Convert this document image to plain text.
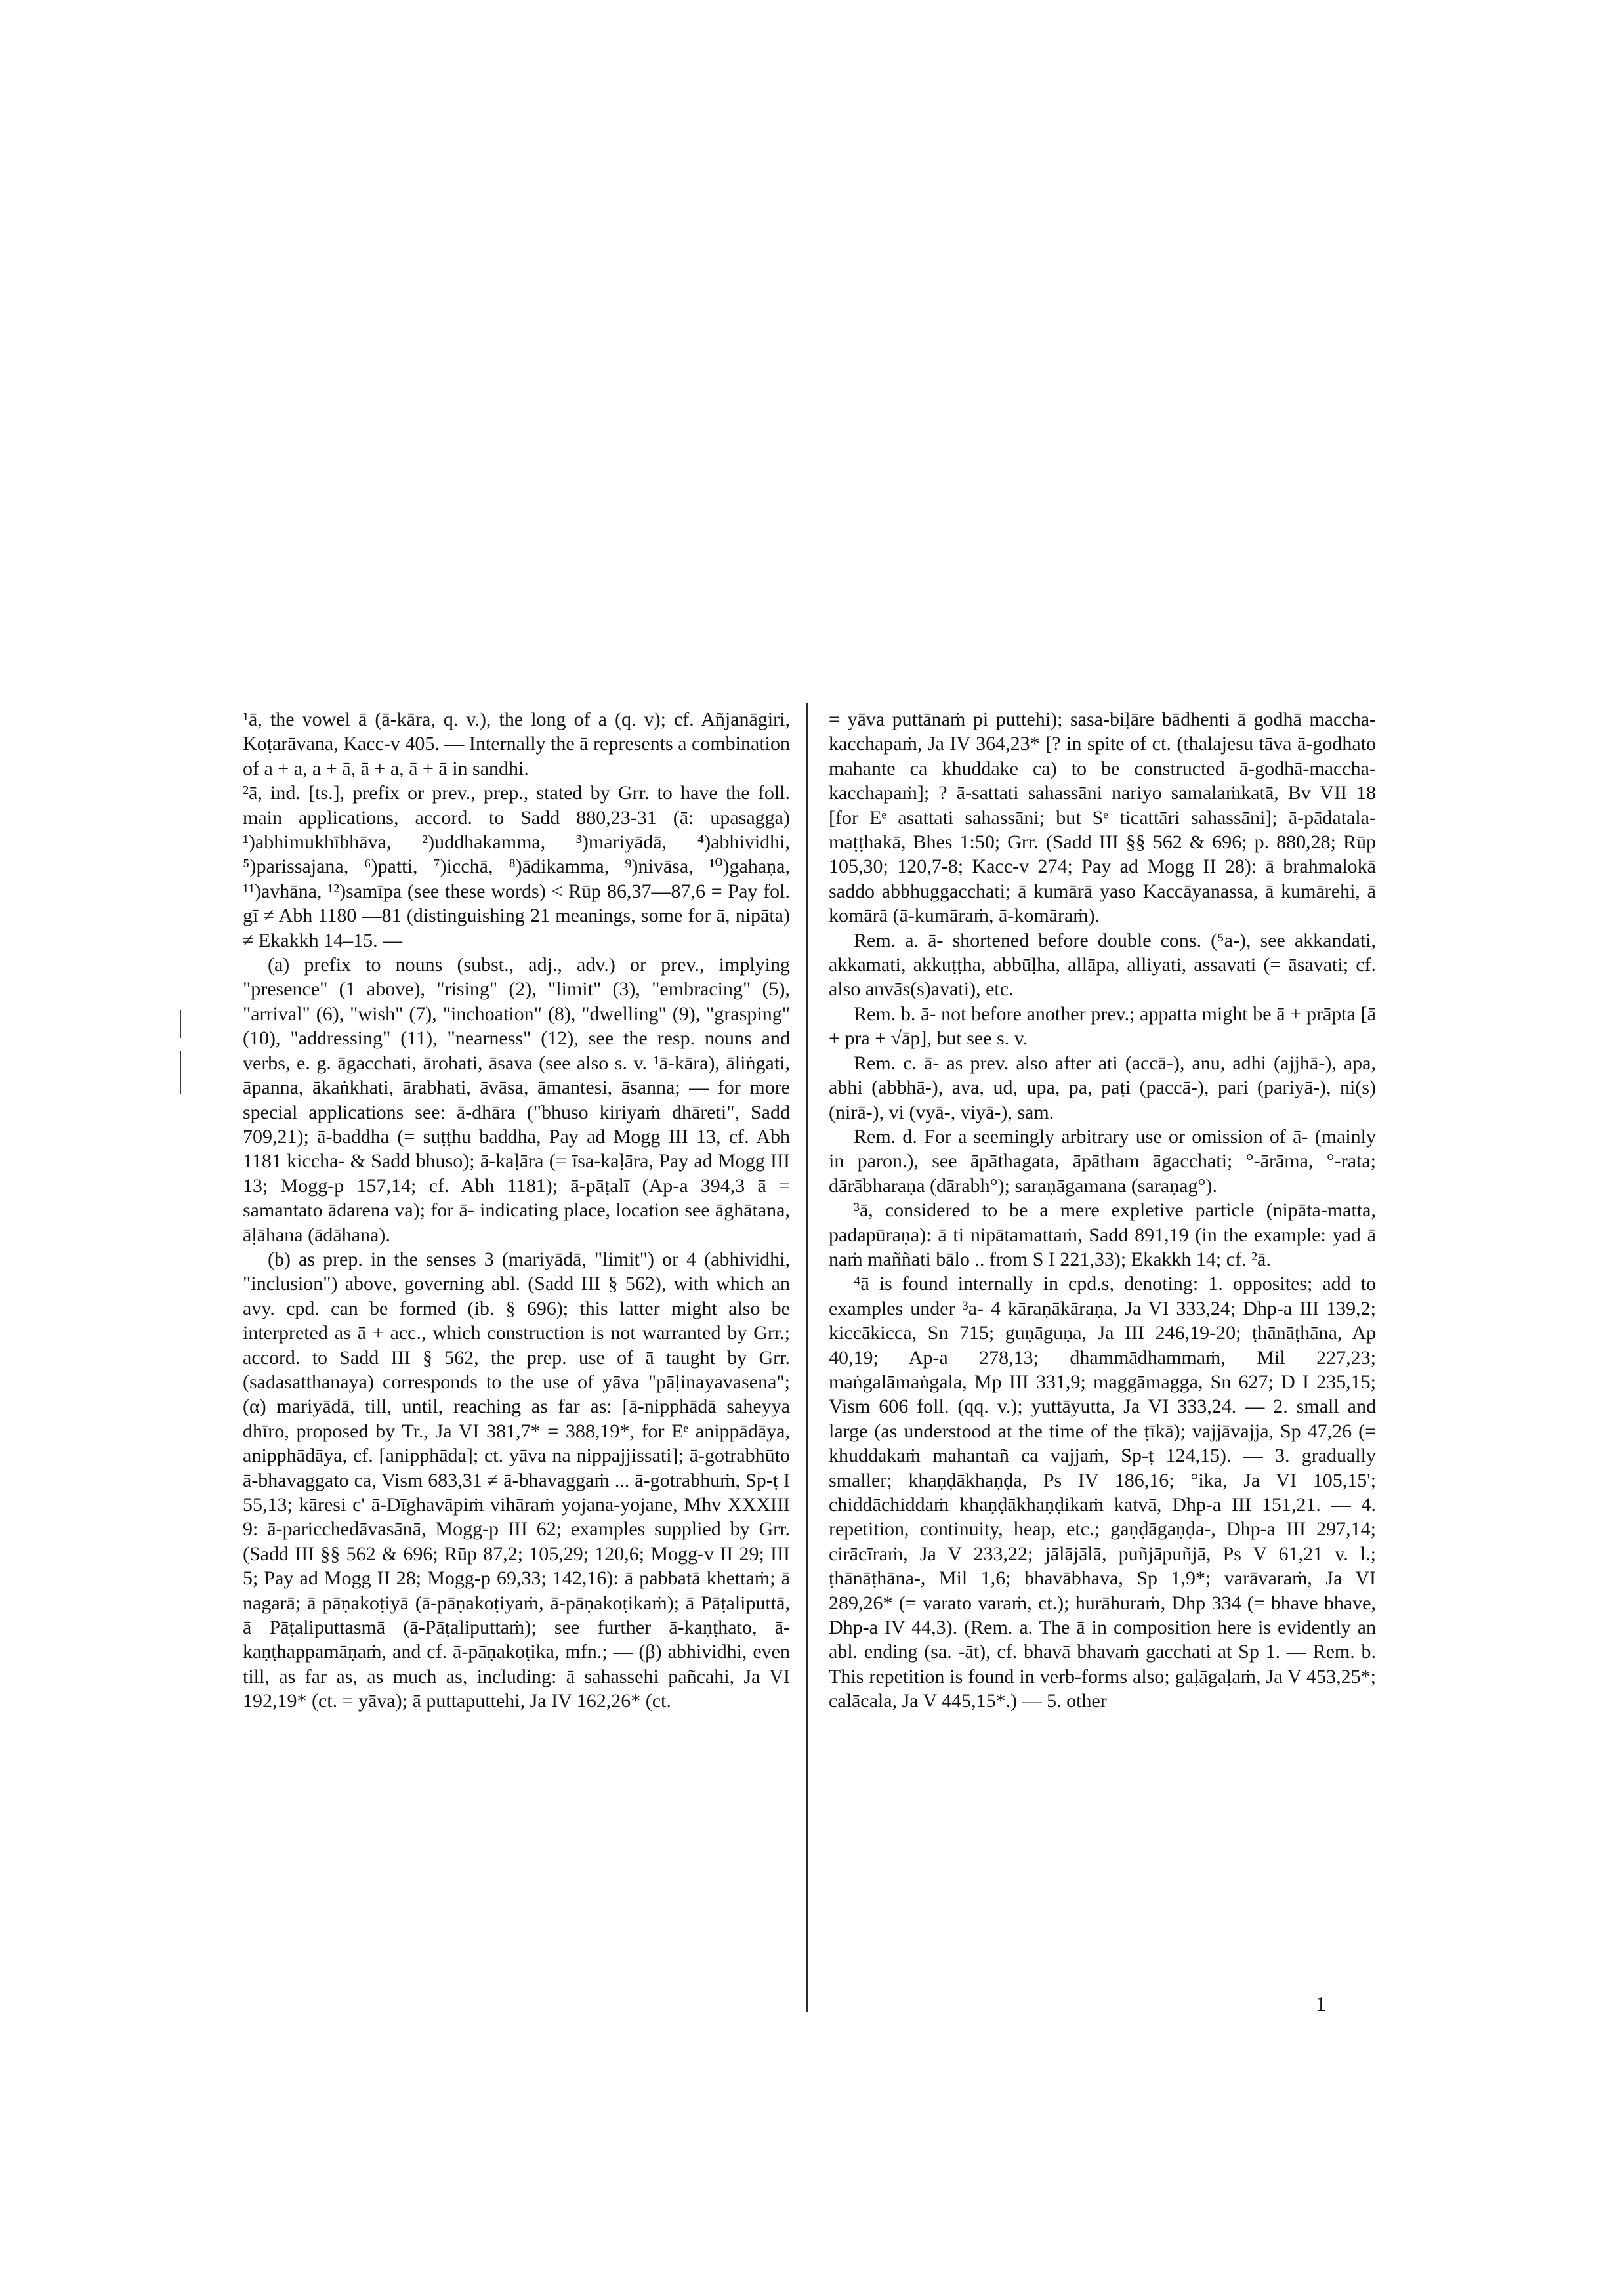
¹ā, the vowel ā (ā-kāra, q. v.), the long of a (q. v); cf. Añjanāgiri, Koṭarāvana, Kacc-v 405. — Internally the ā represents a combination of a + a, a + ā, ā + a, ā + ā in sandhi.

²ā, ind. [ts.], prefix or prev., prep., stated by Grr. to have the foll. main applications, accord. to Sadd 880,23-31 (ā: upasagga) ¹)abhimukhībhāva, ²)uddhakamma, ³)mariyādā, ⁴)abhividhi, ⁵)parissajana, ⁶)patti, ⁷)icchā, ⁸)ādikamma, ⁹)nivāsa, ¹⁰)gahaṇa, ¹¹)avhāna, ¹²)samīpa (see these words) < Rūp 86,37—87,6 = Pay fol. gī ≠ Abh 1180 —81 (distinguishing 21 meanings, some for ā, nipāta) ≠ Ekakkh 14–15. —

(a) prefix to nouns (subst., adj., adv.) or prev., implying "presence" (1 above), "rising" (2), "limit" (3), "embracing" (5), "arrival" (6), "wish" (7), "inchoation" (8), "dwelling" (9), "grasping" (10), "addressing" (11), "nearness" (12), see the resp. nouns and verbs, e. g. āgacchati, ārohati, āsava (see also s. v. ¹ā-kāra), āliṅgati, āpanna, ākaṅkhati, ārabhati, āvāsa, āmantesi, āsanna; — for more special applications see: ā-dhāra ("bhuso kiriyaṁ dhāreti", Sadd 709,21); ā-baddha (= suṭṭhu baddha, Pay ad Mogg III 13, cf. Abh 1181 kiccha- & Sadd bhuso); ā-kaḷāra (= īsa-kaḷāra, Pay ad Mogg III 13; Mogg-p 157,14; cf. Abh 1181); ā-pāṭalī (Ap-a 394,3 ā = samantato ādarena va); for ā- indicating place, location see āghātana, āḷāhana (ādāhana).

(b) as prep. in the senses 3 (mariyādā, "limit") or 4 (abhividhi, "inclusion") above, governing abl. (Sadd III § 562), with which an avy. cpd. can be formed (ib. § 696); this latter might also be interpreted as ā + acc., which construction is not warranted by Grr.; accord. to Sadd III § 562, the prep. use of ā taught by Grr. (sadasatthanaya) corresponds to the use of yāva "pāḷinayavasena"; (α) mariyādā, till, until, reaching as far as: [ā-nipphādā saheyya dhīro, proposed by Tr., Ja VI 381,7* = 388,19*, for Eᵉ anippādāya, anipphādāya, cf. [anipphāda]; ct. yāva na nippajjissati]; ā-gotrabhūto ā-bhavaggato ca, Vism 683,31 ≠ ā-bhavaggaṁ ... ā-gotrabhuṁ, Sp-ṭ I 55,13; kāresi c' ā-Dīghavāpiṁ vihāraṁ yojana-yojane, Mhv XXXIII 9: ā-paricchedāvasānā, Mogg-p III 62; examples supplied by Grr. (Sadd III §§ 562 & 696; Rūp 87,2; 105,29; 120,6; Mogg-v II 29; III 5; Pay ad Mogg II 28; Mogg-p 69,33; 142,16): ā pabbatā khettaṁ; ā nagarā; ā pāṇakoṭiyā (ā-pāṇakoṭiyaṁ, ā-pāṇakoṭikaṁ); ā Pāṭaliputtā, ā Pāṭaliputtasmā (ā-Pāṭaliputtaṁ); see further ā-kaṇṭhato, ā-kaṇṭhappamāṇaṁ, and cf. ā-pāṇakoṭika, mfn.; — (β) abhividhi, even till, as far as, as much as, including: ā sahassehi pañcahi, Ja VI 192,19* (ct. = yāva); ā puttaputtehi, Ja IV 162,26* (ct.

= yāva puttānaṁ pi puttehi); sasa-biḷāre bādhenti ā godhā maccha-kacchapaṁ, Ja IV 364,23* [? in spite of ct. (thalajesu tāva ā-godhato mahante ca khuddake ca) to be constructed ā-godhā-maccha-kacchapaṁ]; ? ā-sattati sahassāni nariyo samalaṁkatā, Bv VII 18 [for Eᵉ asattati sahassāni; but Sᵉ ticattāri sahassāni]; ā-pādatala-maṭṭhakā, Bhes 1:50; Grr. (Sadd III §§ 562 & 696; p. 880,28; Rūp 105,30; 120,7-8; Kacc-v 274; Pay ad Mogg II 28): ā brahmalokā saddo abbhuggacchati; ā kumārā yaso Kaccāyanassa, ā kumārehi, ā komārā (ā-kumāraṁ, ā-komāraṁ).

Rem. a. ā- shortened before double cons. (⁵a-), see akkandati, akkamati, akkuṭṭha, abbūḷha, allāpa, alliyati, assavati (= āsavati; cf. also anvās(s)avati), etc.

Rem. b. ā- not before another prev.; appatta might be ā + prāpta [ā + pra + √āp], but see s. v.

Rem. c. ā- as prev. also after ati (accā-), anu, adhi (ajjhā-), apa, abhi (abbhā-), ava, ud, upa, pa, paṭi (paccā-), pari (pariyā-), ni(s) (nirā-), vi (vyā-, viyā-), sam.

Rem. d. For a seemingly arbitrary use or omission of ā- (mainly in paron.), see āpāthagata, āpātham āgacchati; °-ārāma, °-rata; dārābharaṇa (dārabh°); saraṇāgamana (saraṇag°).

³ā, considered to be a mere expletive particle (nipāta-matta, padapūraṇa): ā ti nipātamattaṁ, Sadd 891,19 (in the example: yad ā naṁ maññati bālo .. from S I 221,33); Ekakkh 14; cf. ²ā.

⁴ā is found internally in cpd.s, denoting: 1. opposites; add to examples under ³a- 4 kāraṇākāraṇa, Ja VI 333,24; Dhp-a III 139,2; kiccākicca, Sn 715; guṇāguṇa, Ja III 246,19-20; ṭhānāṭhāna, Ap 40,19; Ap-a 278,13; dhammādhammaṁ, Mil 227,23; maṅgalāmaṅgala, Mp III 331,9; maggāmagga, Sn 627; D I 235,15; Vism 606 foll. (qq. v.); yuttāyutta, Ja VI 333,24. — 2. small and large (as understood at the time of the ṭīkā); vajjāvajja, Sp 47,26 (= khuddakaṁ mahantañ ca vajjaṁ, Sp-ṭ 124,15). — 3. gradually smaller; khaṇḍākhaṇḍa, Ps IV 186,16; °ika, Ja VI 105,15'; chiddāchiddaṁ khaṇḍākhaṇḍikaṁ katvā, Dhp-a III 151,21. — 4. repetition, continuity, heap, etc.; gaṇḍāgaṇḍa-, Dhp-a III 297,14; cirācīraṁ, Ja V 233,22; jālājālā, puñjāpuñjā, Ps V 61,21 v. l.; ṭhānāṭhāna-, Mil 1,6; bhavābhava, Sp 1,9*; varāvaraṁ, Ja VI 289,26* (= varato varaṁ, ct.); hurāhuraṁ, Dhp 334 (= bhave bhave, Dhp-a IV 44,3). (Rem. a. The ā in composition here is evidently an abl. ending (sa. -āt), cf. bhavā bhavaṁ gacchati at Sp 1. — Rem. b. This repetition is found in verb-forms also; gaḷāgaḷaṁ, Ja V 453,25*; calācala, Ja V 445,15*.) — 5. other

1
